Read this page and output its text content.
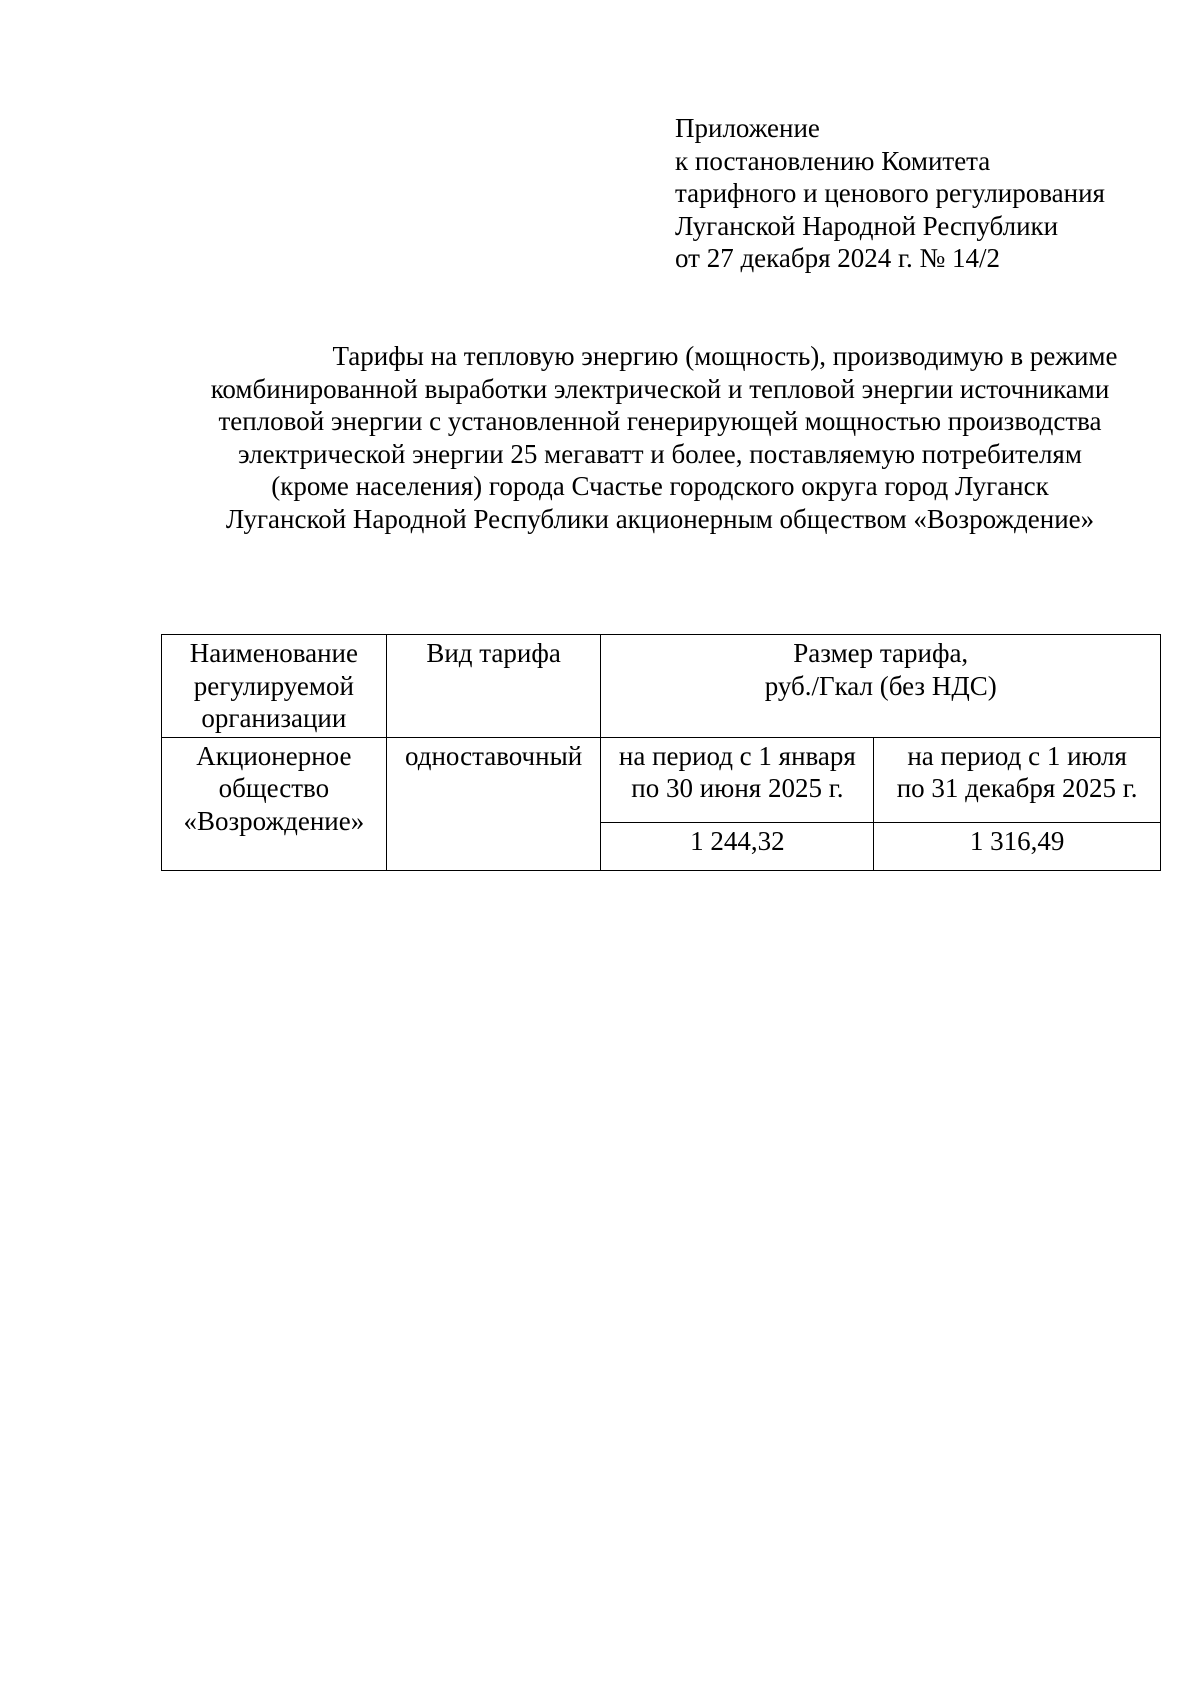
Приложение
к постановлению Комитета
тарифного и ценового регулирования
Луганской Народной Республики
от 27 декабря 2024 г. № 14/2
Тарифы на тепловую энергию (мощность), производимую в режиме
комбинированной выработки электрической и тепловой энергии источниками
тепловой энергии с установленной генерирующей мощностью производства
электрической энергии 25 мегаватт и более, поставляемую потребителям
(кроме населения) города Счастье городского округа город Луганск
Луганской Народной Республики акционерным обществом «Возрождение»
Наименование
регулируемой
организации	Вид тарифа	Размер тарифа,
руб./Гкал (без НДС)	

Акционерное
общество
«Возрождение»	одноставочный	на период с 1 января
по 30 июня 2025 г.	на период с 1 июля
по 31 декабря 2025 г.

		1 244,32	1 316,49
